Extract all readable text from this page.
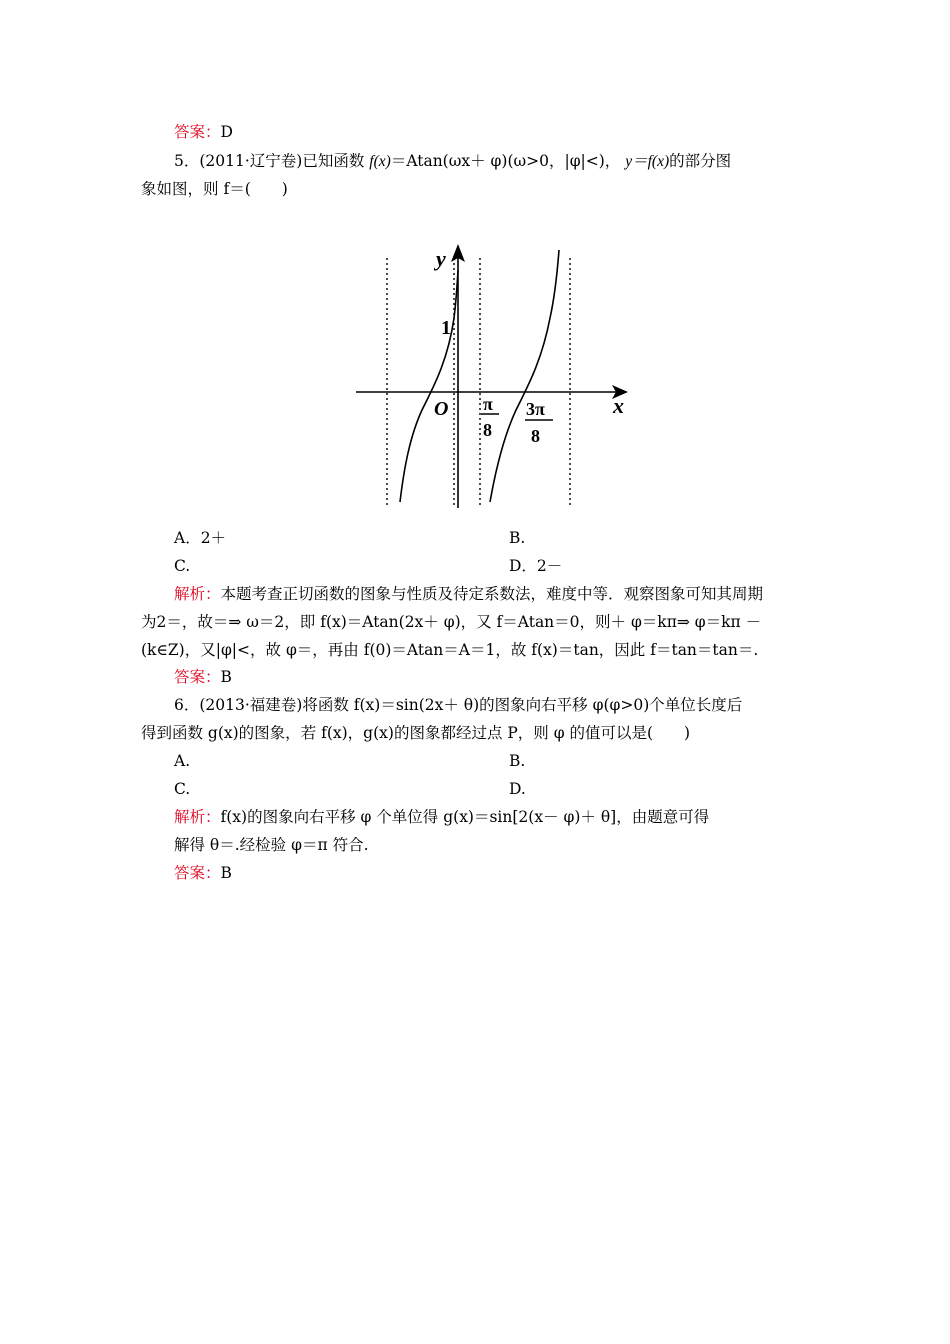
答案：D
5．(2011·辽宁卷)已知函数 f(x)＝Atan(ωx＋ φ)(ω>0，|φ|<)， y＝f(x)的部分图
象如图，则 f＝(　　)
y
1
O	x
π
8
3π
8
A．2＋	B.
C.	D．2－
解析：本题考查正切函数的图象与性质及待定系数法，难度中等．观察图象可知其周期
为2＝，故＝⇒ ω＝2，即 f(x)＝Atan(2x＋ φ)，又 f＝Atan＝0，则＋ φ＝kπ⇒ φ＝kπ －
(k∈Z)，又|φ|<，故 φ＝，再由 f(0)＝Atan＝A＝1，故 f(x)＝tan，因此 f＝tan＝tan＝.
答案：B
6．(2013·福建卷)将函数 f(x)＝sin(2x＋ θ)的图象向右平移 φ(φ>0)个单位长度后
得到函数 g(x)的图象，若 f(x)，g(x)的图象都经过点 P，则 φ 的值可以是(　　)
A.	B.
C.	D.
解析：f(x)的图象向右平移 φ 个单位得 g(x)＝sin[2(x－ φ)＋ θ]，由题意可得
解得 θ＝.经检验 φ＝π 符合.
答案：B
